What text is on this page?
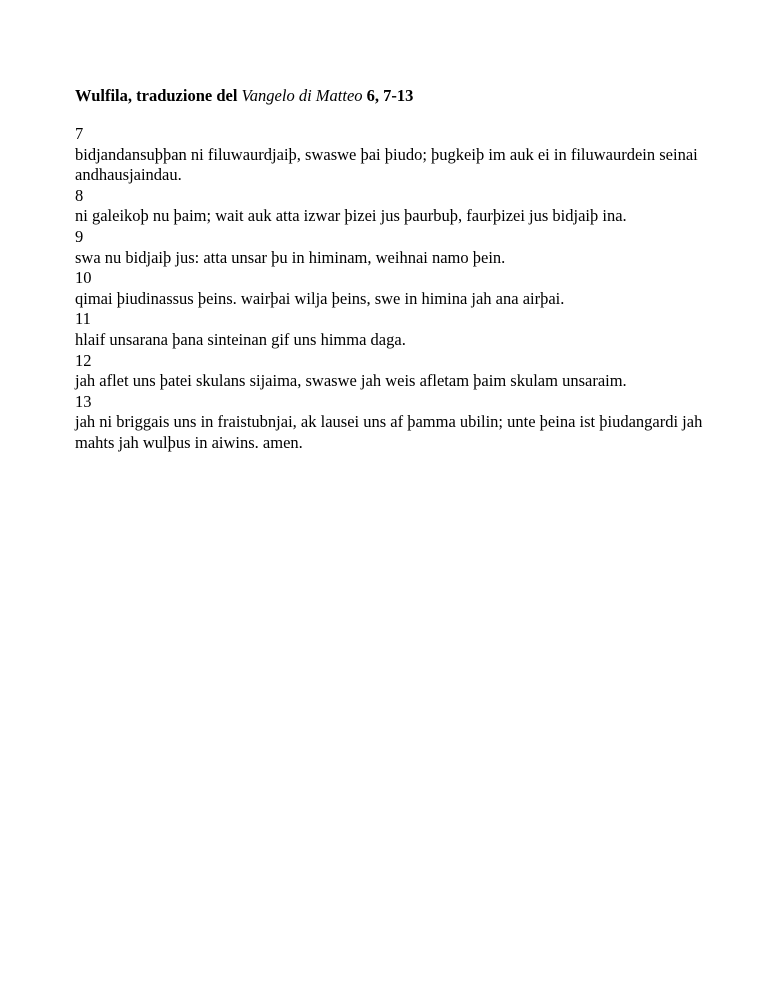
Wulfila, traduzione del Vangelo di Matteo 6, 7-13
7
bidjandansuþþan ni filuwaurdjaiþ, swaswe þai þiudo; þugkeiþ im auk ei in filuwaurdein seinai andhausjaindau.
8
ni galeikoþ nu þaim; wait auk atta izwar þizei jus þaurbuþ, faurþizei jus bidjaiþ ina.
9
swa nu bidjaiþ jus: atta unsar þu in himinam, weihnai namo þein.
10
qimai þiudinassus þeins. wairþai wilja þeins, swe in himina jah ana airþai.
11
hlaif unsarana þana sinteinan gif uns himma daga.
12
jah aflet uns þatei skulans sijaima, swaswe jah weis afletam þaim skulam unsaraim.
13
jah ni briggais uns in fraistubnjai, ak lausei uns af þamma ubilin; unte þeina ist þiudangardi jah mahts jah wulþus in aiwins. amen.
